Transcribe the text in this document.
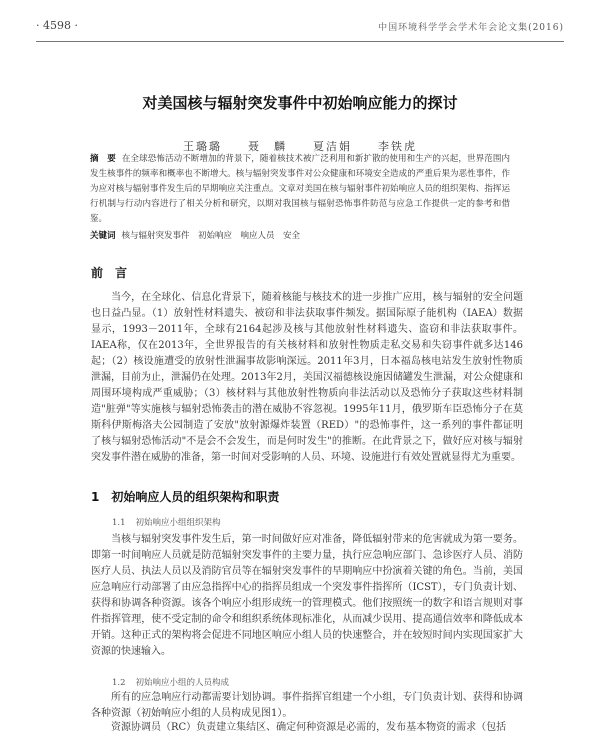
· 4598 ·	中国环境科学学会学术年会论文集(2016)
对美国核与辐射突发事件中初始响应能力的探讨
王璐璐　　聂　麟　　夏洁娟　　李铁虎
摘　要 在全球恐怖活动不断增加的背景下，随着核技术被广泛利用和新扩散的使用和生产的兴起，世界范围内发生核事件的频率和概率也不断增大。核与辐射突发事件对公众健康和环境安全造成的严重后果为恶性事件，作为应对核与辐射事件发生后的早期响应关注重点。文章对美国在核与辐射事件初始响应人员的组织架构、指挥运行机制与行动内容进行了相关分析和研究，以期对我国核与辐射恐怖事件防范与应急工作提供一定的参考和借鉴。
关键词 核与辐射突发事件　初始响应　响应人员　安全
前　言

当今，在全球化、信息化背景下，随着核能与核技术的进一步推广应用，核与辐射的安全问题也日益凸显。（1）放射性材料遗失、被窃和非法获取事件频发。据国际原子能机构（IAEA）数据显示，1993－2011年，全球有2164起涉及核与其他放射性材料遗失、盗窃和非法获取事件。IAEA称，仅在2013年，全世界报告的有关核材料和放射性物质走私交易和失窃事件就多达146起；（2）核设施遭受的放射性泄漏事故影响深远。2011年3月，日本福岛核电站发生放射性物质泄漏，目前为止，泄漏仍在处理。2013年2月，美国汉福德核设施因储罐发生泄漏，对公众健康和周围环境构成严重威胁；（3）核材料与其他放射性物质向非法活动以及恐怖分子获取这些材料制造"脏弹"等实施核与辐射恐怖袭击的潜在威胁不容忽视。1995年11月，俄罗斯车臣恐怖分子在莫斯科伊斯梅洛夫公园制造了安放"放射源爆炸装置（RED）"的恐怖事件，这一系列的事件都证明了核与辐射恐怖活动"不是会不会发生，而是何时发生"的推断。在此背景之下，做好应对核与辐射突发事件潜在威胁的准备，第一时间对受影响的人员、环境、设施进行有效处置就显得尤为重要。

1 初始响应人员的组织架构和职责
1.1 初始响应小组组织架构

当核与辐射突发事件发生后，第一时间做好应对准备，降低辐射带来的危害就成为第一要务。即第一时间响应人员就是防范辐射突发事件的主要力量，执行应急响应部门、急诊医疗人员、消防医疗人员、执法人员以及消防官员等在辐射突发事件的早期响应中扮演着关键的角色。当前，美国应急响应行动部署了由应急指挥中心的指挥员组成一个突发事件指挥所（ICST），专门负责计划、获得和协调各种资源。该各个响应小组形成统一的管理模式。他们按照统一的数字和语言规则对事件指挥管理，使不受定制的命令和组织系统体现标准化，从而减少误用、提高通信效率和降低成本开销。这种正式的架构将会促进不同地区响应小组人员的快速整合，并在较短时间内实现国家扩大资源的快速输入。

1.2 初始响应小组的人员构成

所有的应急响应行动都需要计划协调。事件指挥官组建一个小组，专门负责计划、获得和协调各种资源（初始响应小组的人员构成见图1）。

资源协调员（RC）负责建立集结区、确定何种资源是必需的，发布基本物资的需求（包括
